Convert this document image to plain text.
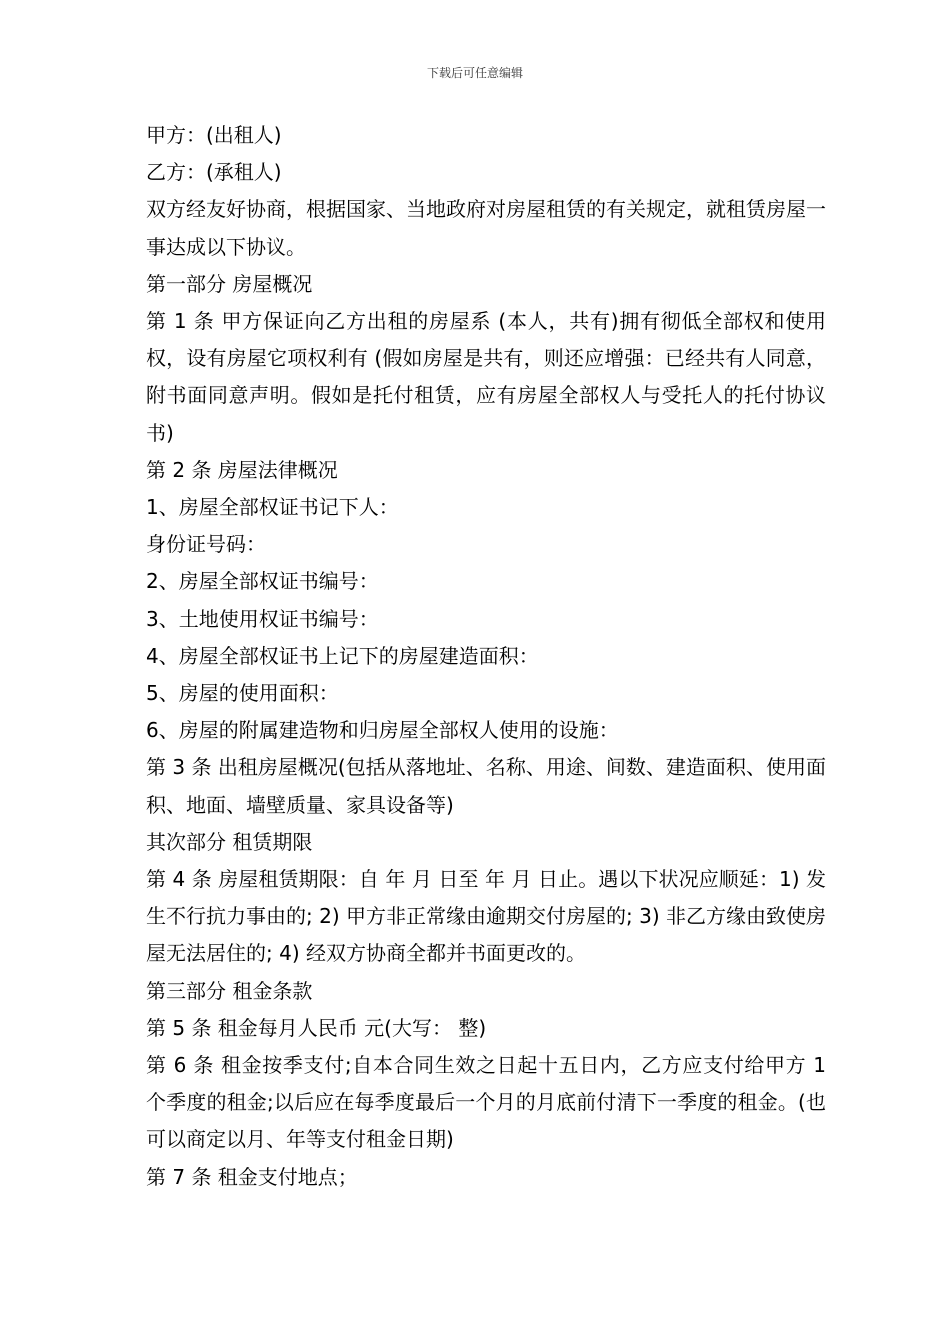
下载后可任意编辑

甲方：(出租人)

乙方：(承租人)

双方经友好协商，根据国家、当地政府对房屋租赁的有关规定，就租赁房屋一事达成以下协议。

第一部分 房屋概况

第 1 条 甲方保证向乙方出租的房屋系 (本人，共有)拥有彻低全部权和使用权，设有房屋它项权利有 (假如房屋是共有，则还应增强：已经共有人同意，附书面同意声明。假如是托付租赁，应有房屋全部权人与受托人的托付协议书)

第 2 条 房屋法律概况

1、房屋全部权证书记下人：

身份证号码：

2、房屋全部权证书编号：

3、土地使用权证书编号：

4、房屋全部权证书上记下的房屋建造面积：

5、房屋的使用面积：

6、房屋的附属建造物和归房屋全部权人使用的设施：

第 3 条 出租房屋概况(包括从落地址、名称、用途、间数、建造面积、使用面积、地面、墙壁质量、家具设备等)

其次部分 租赁期限

第 4 条 房屋租赁期限：自 年 月 日至 年 月 日止。遇以下状况应顺延：1) 发生不行抗力事由的; 2) 甲方非正常缘由逾期交付房屋的; 3) 非乙方缘由致使房屋无法居住的; 4) 经双方协商全都并书面更改的。

第三部分 租金条款

第 5 条 租金每月人民币 元(大写： 整)

第 6 条 租金按季支付;自本合同生效之日起十五日内，乙方应支付给甲方 1 个季度的租金;以后应在每季度最后一个月的月底前付清下一季度的租金。(也可以商定以月、年等支付租金日期)

第 7 条 租金支付地点；
